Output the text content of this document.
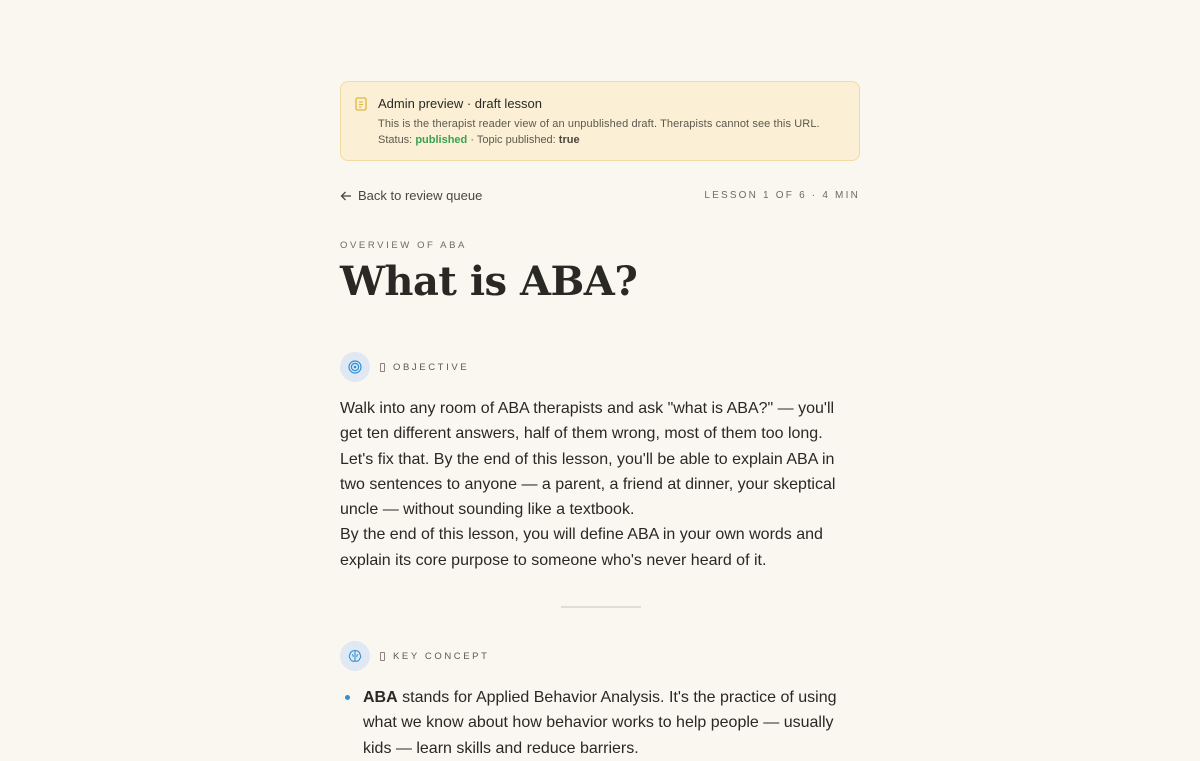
Admin preview · draft lesson
This is the therapist reader view of an unpublished draft. Therapists cannot see this URL.
Status: published · Topic published: true
Back to review queue	LESSON 1 OF 6 · 4 MIN
OVERVIEW OF ABA
What is ABA?
OBJECTIVE

Walk into any room of ABA therapists and ask "what is ABA?" — you'll get ten different answers, half of them wrong, most of them too long. Let's fix that. By the end of this lesson, you'll be able to explain ABA in two sentences to anyone — a parent, a friend at dinner, your skeptical uncle — without sounding like a textbook.

By the end of this lesson, you will define ABA in your own words and explain its core purpose to someone who's never heard of it.

KEY CONCEPT
ABA stands for Applied Behavior Analysis. It's the practice of using what we know about how behavior works to help people — usually kids — learn skills and reduce barriers.
